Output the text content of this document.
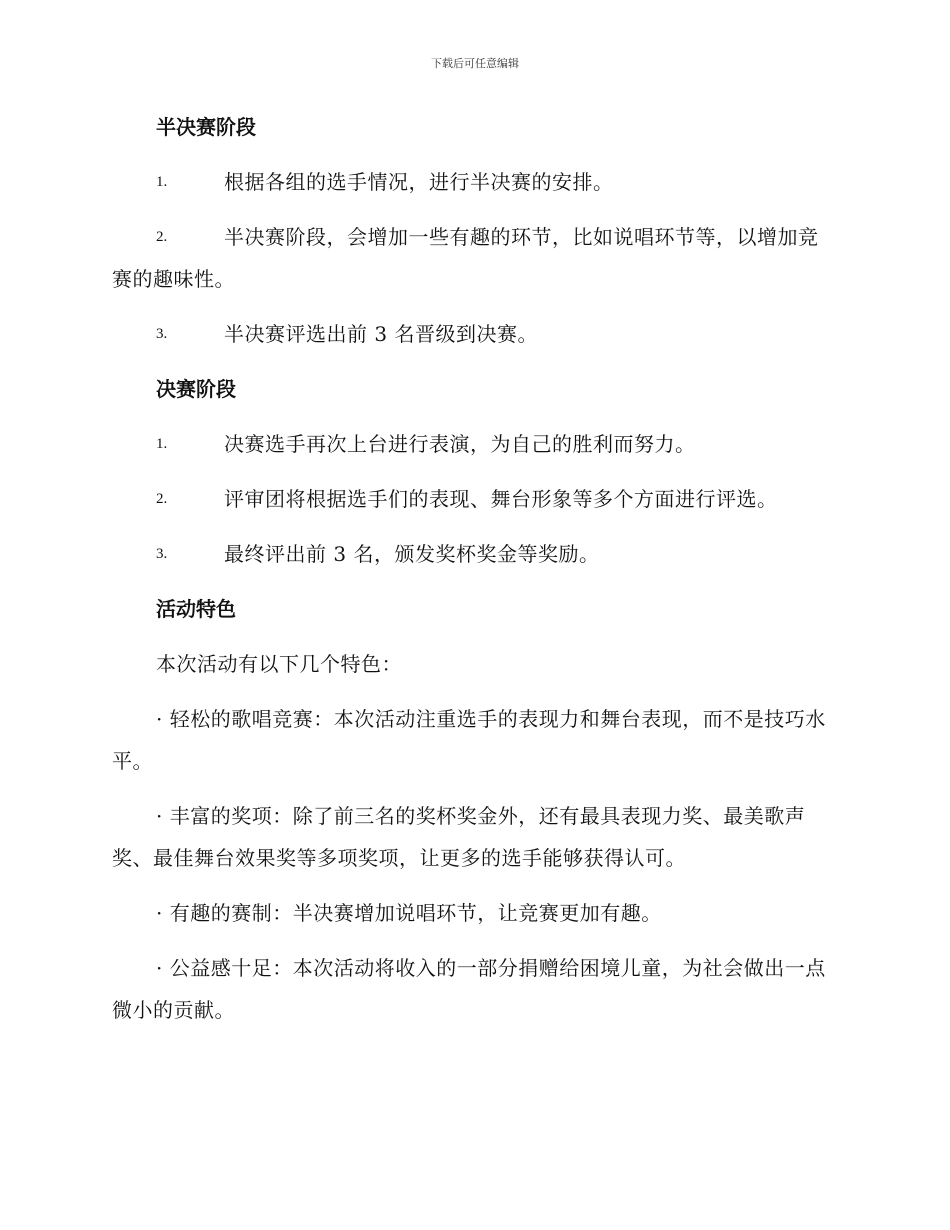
下载后可任意编辑
半决赛阶段
1.	根据各组的选手情况，进行半决赛的安排。
2.	半决赛阶段，会增加一些有趣的环节，比如说唱环节等，以增加竞赛的趣味性。
3.	半决赛评选出前 3 名晋级到决赛。
决赛阶段
1.	决赛选手再次上台进行表演，为自己的胜利而努力。
2.	评审团将根据选手们的表现、舞台形象等多个方面进行评选。
3.	最终评出前 3 名，颁发奖杯奖金等奖励。
活动特色
本次活动有以下几个特色：
· 轻松的歌唱竞赛：本次活动注重选手的表现力和舞台表现，而不是技巧水平。
· 丰富的奖项：除了前三名的奖杯奖金外，还有最具表现力奖、最美歌声奖、最佳舞台效果奖等多项奖项，让更多的选手能够获得认可。
· 有趣的赛制：半决赛增加说唱环节，让竞赛更加有趣。
· 公益感十足：本次活动将收入的一部分捐赠给困境儿童，为社会做出一点微小的贡献。
